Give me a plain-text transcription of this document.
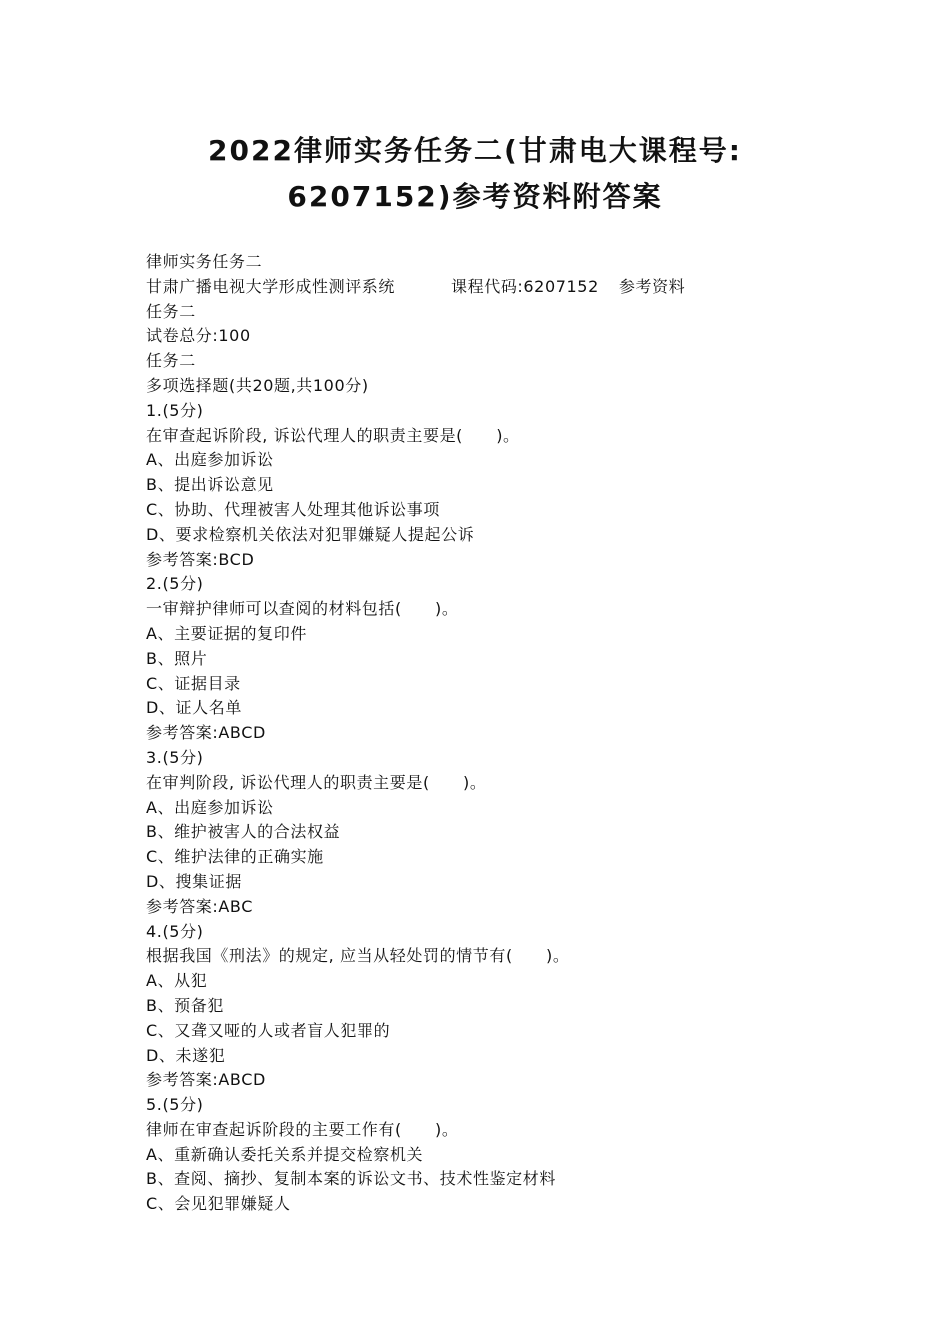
2022律师实务任务二(甘肃电大课程号:
6207152)参考资料附答案
律师实务任务二
甘肃广播电视大学形成性测评系统	课程代码:6207152 参考资料
任务二
试卷总分:100
任务二
多项选择题(共20题,共100分)
1.(5分)
在审查起诉阶段, 诉讼代理人的职责主要是(　　)。
A、出庭参加诉讼
B、提出诉讼意见
C、协助、代理被害人处理其他诉讼事项
D、要求检察机关依法对犯罪嫌疑人提起公诉
参考答案:BCD
2.(5分)
一审辩护律师可以查阅的材料包括(　　)。
A、主要证据的复印件
B、照片
C、证据目录
D、证人名单
参考答案:ABCD
3.(5分)
在审判阶段, 诉讼代理人的职责主要是(　　)。
A、出庭参加诉讼
B、维护被害人的合法权益
C、维护法律的正确实施
D、搜集证据
参考答案:ABC
4.(5分)
根据我国《刑法》的规定, 应当从轻处罚的情节有(　　)。
A、从犯
B、预备犯
C、又聋又哑的人或者盲人犯罪的
D、未遂犯
参考答案:ABCD
5.(5分)
律师在审查起诉阶段的主要工作有(　　)。
A、重新确认委托关系并提交检察机关
B、查阅、摘抄、复制本案的诉讼文书、技术性鉴定材料
C、会见犯罪嫌疑人
